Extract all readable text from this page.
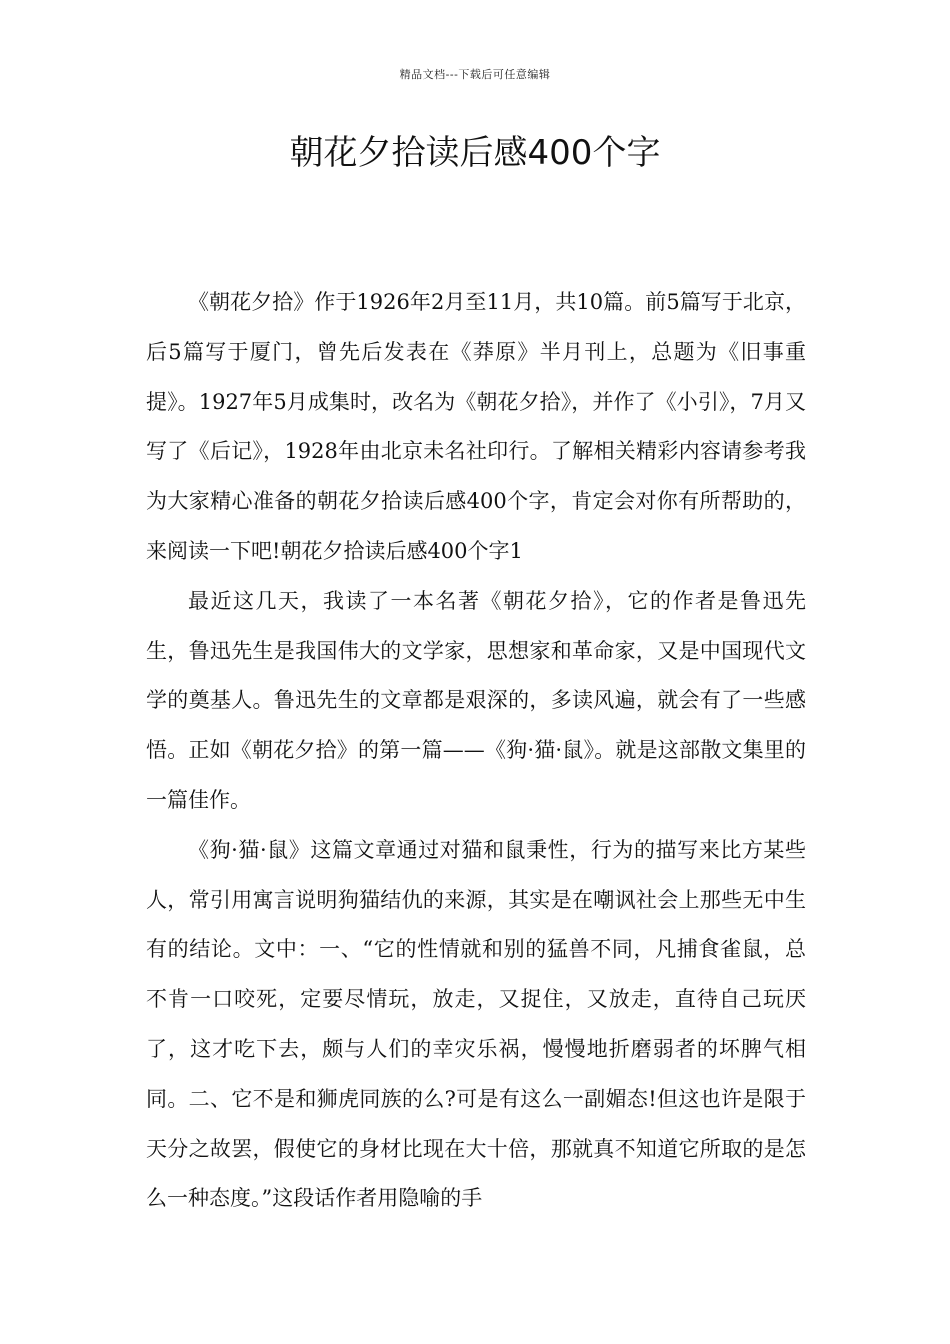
精品文档---下载后可任意编辑
朝花夕拾读后感400个字

《朝花夕拾》作于1926年2月至11月，共10篇。前5篇写于北京，后5篇写于厦门，曾先后发表在《莽原》半月刊上，总题为《旧事重提》。1927年5月成集时，改名为《朝花夕拾》，并作了《小引》，7月又写了《后记》，1928年由北京未名社印行。了解相关精彩内容请参考我为大家精心准备的朝花夕拾读后感400个字，肯定会对你有所帮助的，来阅读一下吧!朝花夕拾读后感400个字1

最近这几天，我读了一本名著《朝花夕拾》，它的作者是鲁迅先生，鲁迅先生是我国伟大的文学家，思想家和革命家，又是中国现代文学的奠基人。鲁迅先生的文章都是艰深的，多读风遍，就会有了一些感悟。正如《朝花夕拾》的第一篇——《狗·猫·鼠》。就是这部散文集里的一篇佳作。

《狗·猫·鼠》这篇文章通过对猫和鼠秉性，行为的描写来比方某些人，常引用寓言说明狗猫结仇的来源，其实是在嘲讽社会上那些无中生有的结论。文中：一、“它的性情就和别的猛兽不同，凡捕食雀鼠，总不肯一口咬死，定要尽情玩，放走，又捉住，又放走，直待自己玩厌了，这才吃下去，颇与人们的幸灾乐祸，慢慢地折磨弱者的坏脾气相同。二、它不是和狮虎同族的么?可是有这么一副媚态!但这也许是限于天分之故罢，假使它的身材比现在大十倍，那就真不知道它所取的是怎么一种态度。”这段话作者用隐喻的手
